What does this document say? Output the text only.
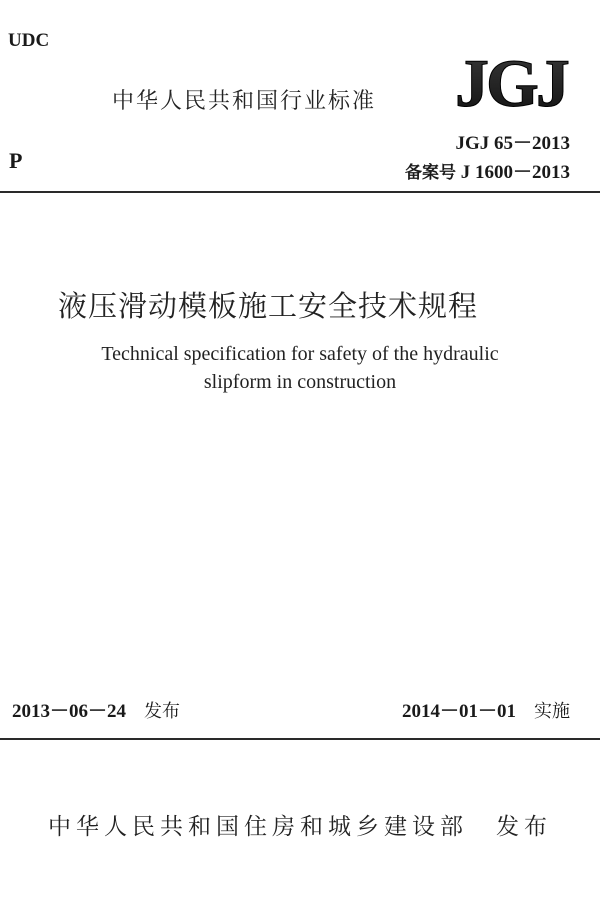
UDC
中华人民共和国行业标准 JGJ
P
JGJ 65－2013
备案号 J 1600－2013
液压滑动模板施工安全技术规程
Technical specification for safety of the hydraulic
slipform in construction
2013－06－24 发布	2014－01－01 实施
中华人民共和国住房和城乡建设部 发布
